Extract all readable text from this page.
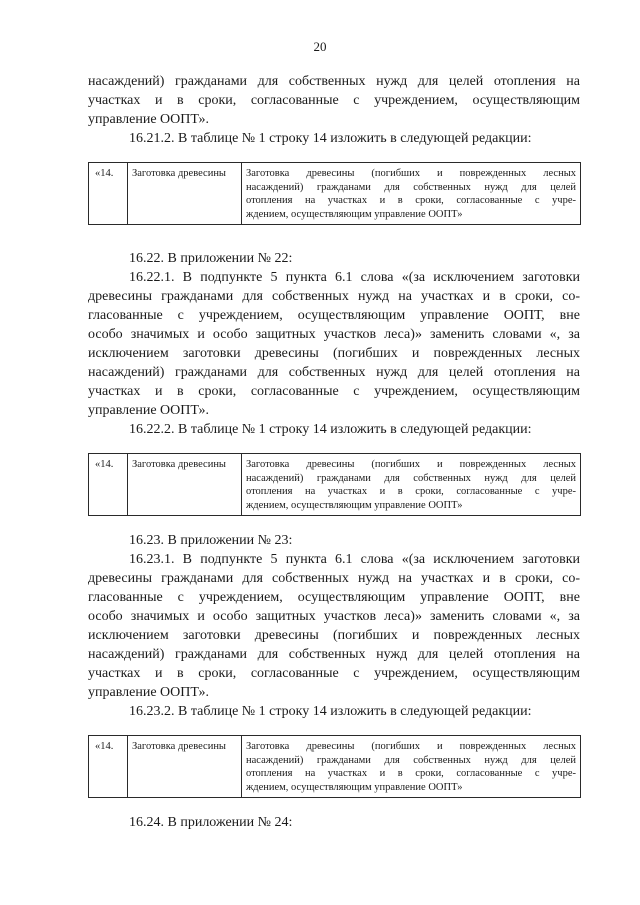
20
насаждений) гражданами для собственных нужд для целей отопления на
участках и в сроки, согласованные с учреждением, осуществляющим
управление ООПТ».
16.21.2. В таблице № 1 строку 14 изложить в следующей редакции:
«14.	Заготовка древесины	Заготовка древесины (погибших и поврежденных лесных
насаждений) гражданами для собственных нужд для целей
отопления на участках и в сроки, согласованные с учре-
ждением, осуществляющим управление ООПТ»
16.22. В приложении № 22:
16.22.1. В подпункте 5 пункта 6.1 слова «(за исключением заготовки
древесины гражданами для собственных нужд на участках и в сроки, со-
гласованные с учреждением, осуществляющим управление ООПТ, вне
особо значимых и особо защитных участков леса)» заменить словами «, за
исключением заготовки древесины (погибших и поврежденных лесных
насаждений) гражданами для собственных нужд для целей отопления на
участках и в сроки, согласованные с учреждением, осуществляющим
управление ООПТ».
16.22.2. В таблице № 1 строку 14 изложить в следующей редакции:
«14.	Заготовка древесины	Заготовка древесины (погибших и поврежденных лесных
насаждений) гражданами для собственных нужд для целей
отопления на участках и в сроки, согласованные с учре-
ждением, осуществляющим управление ООПТ»
16.23. В приложении № 23:
16.23.1. В подпункте 5 пункта 6.1 слова «(за исключением заготовки
древесины гражданами для собственных нужд на участках и в сроки, со-
гласованные с учреждением, осуществляющим управление ООПТ, вне
особо значимых и особо защитных участков леса)» заменить словами «, за
исключением заготовки древесины (погибших и поврежденных лесных
насаждений) гражданами для собственных нужд для целей отопления на
участках и в сроки, согласованные с учреждением, осуществляющим
управление ООПТ».
16.23.2. В таблице № 1 строку 14 изложить в следующей редакции:
«14.	Заготовка древесины	Заготовка древесины (погибших и поврежденных лесных
насаждений) гражданами для собственных нужд для целей
отопления на участках и в сроки, согласованные с учре-
ждением, осуществляющим управление ООПТ»
16.24. В приложении № 24:
